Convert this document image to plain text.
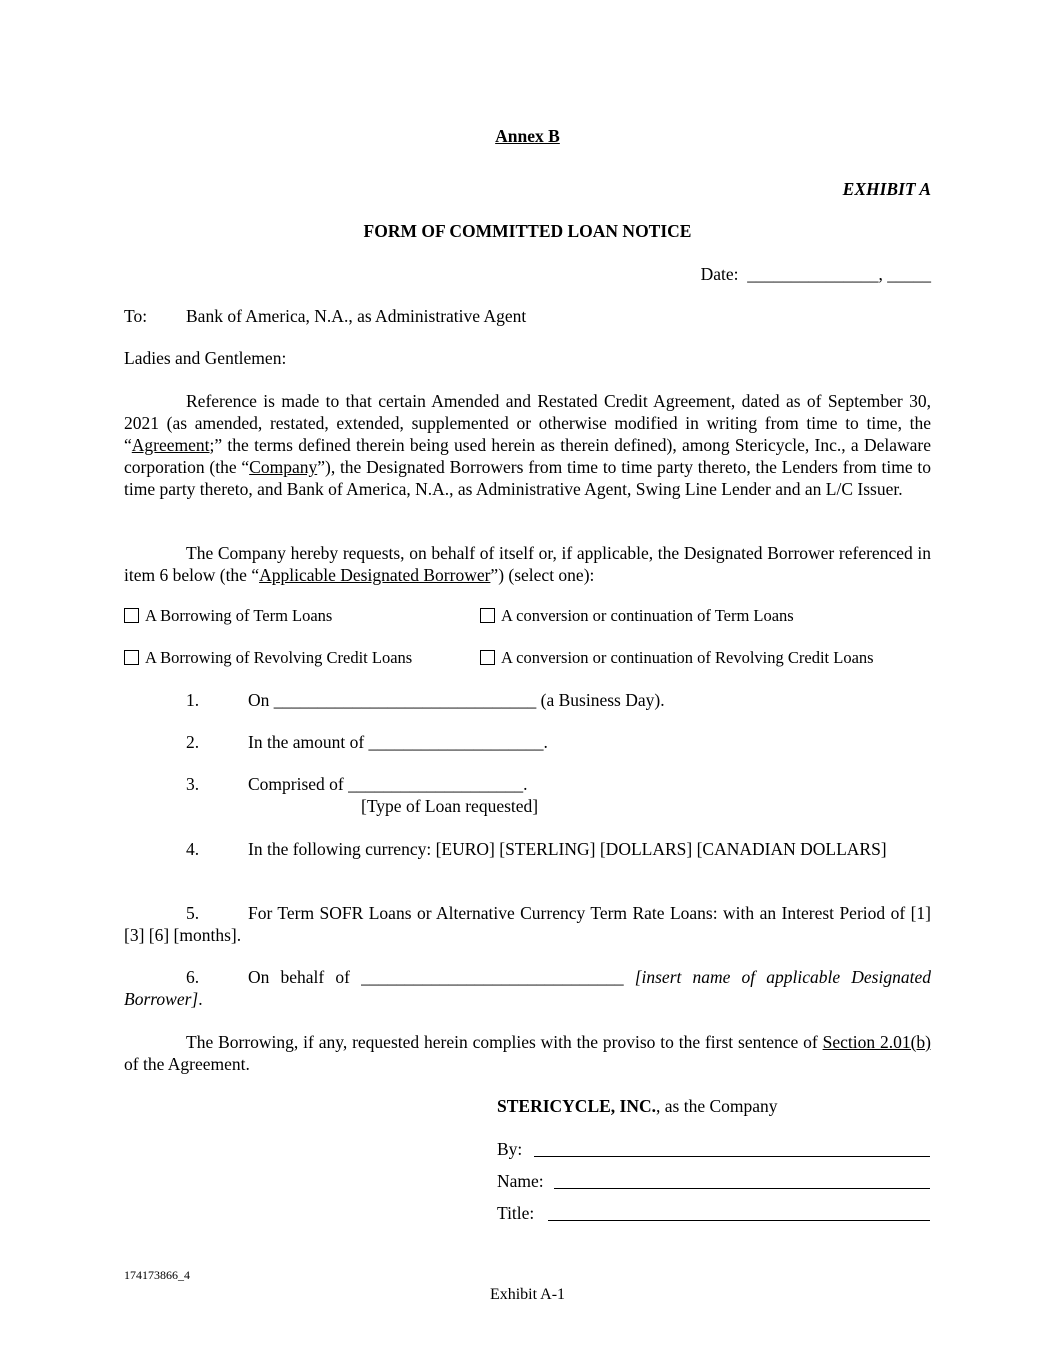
Annex B
EXHIBIT A
FORM OF COMMITTED LOAN NOTICE
Date: _______________, _____
To: Bank of America, N.A., as Administrative Agent
Ladies and Gentlemen:
Reference is made to that certain Amended and Restated Credit Agreement, dated as of September 30, 2021 (as amended, restated, extended, supplemented or otherwise modified in writing from time to time, the “Agreement;” the terms defined therein being used herein as therein defined), among Stericycle, Inc., a Delaware corporation (the “Company”), the Designated Borrowers from time to time party thereto, the Lenders from time to time party thereto, and Bank of America, N.A., as Administrative Agent, Swing Line Lender and an L/C Issuer.
The Company hereby requests, on behalf of itself or, if applicable, the Designated Borrower referenced in item 6 below (the “Applicable Designated Borrower”) (select one):
A Borrowing of Term Loans	A conversion or continuation of Term Loans
A Borrowing of Revolving Credit Loans	A conversion or continuation of Revolving Credit Loans
1.	On ______________________________ (a Business Day).
2.	In the amount of ____________________.
3.	Comprised of ____________________.
[Type of Loan requested]
4.	In the following currency: [EURO] [STERLING] [DOLLARS] [CANADIAN DOLLARS]
5.	For Term SOFR Loans or Alternative Currency Term Rate Loans: with an Interest Period of [1] [3] [6] [months].
6.	On behalf of ______________________________ [insert name of applicable Designated Borrower].
The Borrowing, if any, requested herein complies with the proviso to the first sentence of Section 2.01(b) of the Agreement.
STERICYCLE, INC., as the Company
By:
Name:
Title:
174173866_4
Exhibit A-1
